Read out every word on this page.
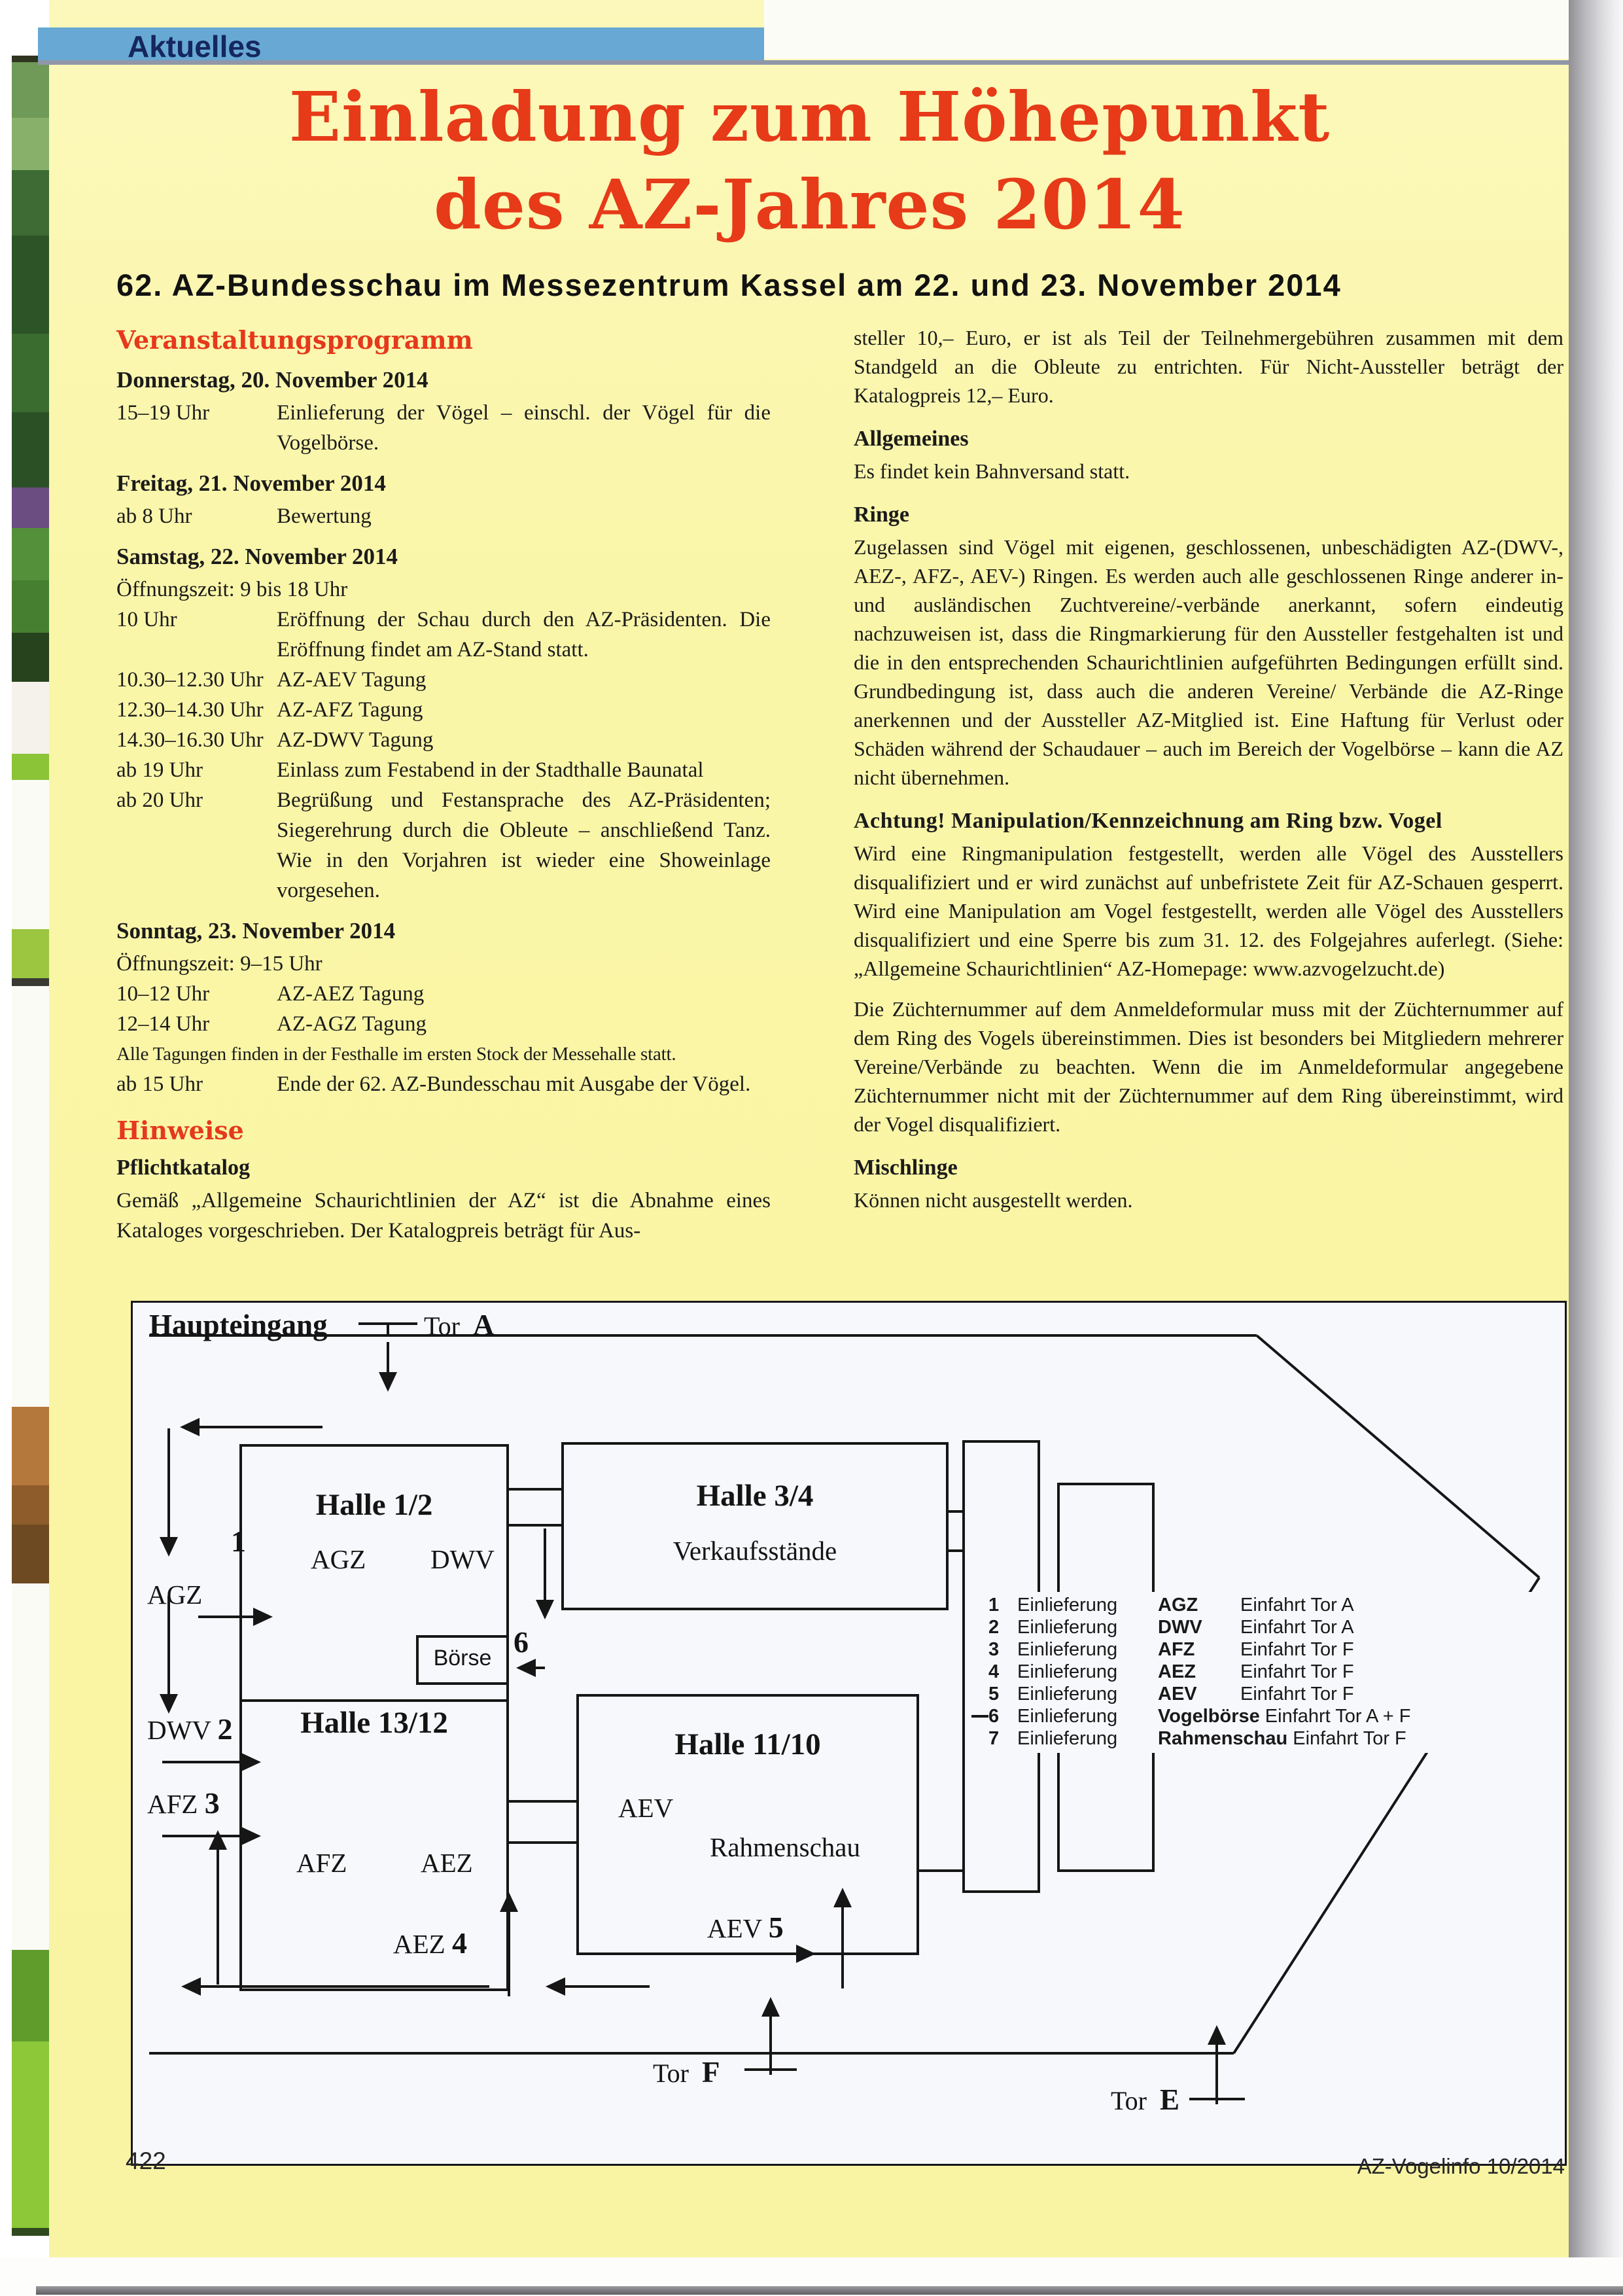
Aktuelles
Einladung zum Höhepunkt
des AZ-Jahres 2014
62. AZ-Bundesschau im Messezentrum Kassel am 22. und 23. November 2014
Veranstaltungsprogramm
Donnerstag, 20. November 2014
15–19 Uhr	Einlieferung der Vögel – einschl. der Vögel für die Vogelbörse.
Freitag, 21. November 2014
ab 8 Uhr	Bewertung
Samstag, 22. November 2014
Öffnungszeit: 9 bis 18 Uhr
10 Uhr	Eröffnung der Schau durch den AZ-Präsidenten. Die Eröffnung findet am AZ-Stand statt.
10.30–12.30 Uhr AZ-AEV Tagung
12.30–14.30 Uhr AZ-AFZ Tagung
14.30–16.30 Uhr AZ-DWV Tagung
ab 19 Uhr	Einlass zum Festabend in der Stadthalle Baunatal
ab 20 Uhr	Begrüßung und Festansprache des AZ-Präsidenten; Siegerehrung durch die Obleute – anschließend Tanz. Wie in den Vorjahren ist wieder eine Showeinlage vorgesehen.
Sonntag, 23. November 2014
Öffnungszeit: 9–15 Uhr
10–12 Uhr	AZ-AEZ Tagung
12–14 Uhr	AZ-AGZ Tagung
Alle Tagungen finden in der Festhalle im ersten Stock der Messehalle statt.
ab 15 Uhr	Ende der 62. AZ-Bundesschau mit Ausgabe der Vögel.
Hinweise
Pflichtkatalog
Gemäß „Allgemeine Schaurichtlinien der AZ“ ist die Abnahme eines Kataloges vorgeschrieben. Der Katalogpreis beträgt für Aus-
steller 10,– Euro, er ist als Teil der Teilnehmergebühren zusammen mit dem Standgeld an die Obleute zu entrichten. Für Nicht-Aussteller beträgt der Katalogpreis 12,– Euro.
Allgemeines
Es findet kein Bahnversand statt.
Ringe
Zugelassen sind Vögel mit eigenen, geschlossenen, unbeschädigten AZ-(DWV-, AEZ-, AFZ-, AEV-) Ringen. Es werden auch alle geschlossenen Ringe anderer in- und ausländischen Zuchtvereine/-verbände anerkannt, sofern eindeutig nachzuweisen ist, dass die Ringmarkierung für den Aussteller festgehalten ist und die in den entsprechenden Schaurichtlinien aufgeführten Bedingungen erfüllt sind. Grundbedingung ist, dass auch die anderen Vereine/ Verbände die AZ-Ringe anerkennen und der Aussteller AZ-Mitglied ist. Eine Haftung für Verlust oder Schäden während der Schaudauer – auch im Bereich der Vogelbörse – kann die AZ nicht übernehmen.
Achtung! Manipulation/Kennzeichnung am Ring bzw. Vogel
Wird eine Ringmanipulation festgestellt, werden alle Vögel des Ausstellers disqualifiziert und er wird zunächst auf unbefristete Zeit für AZ-Schauen gesperrt. Wird eine Manipulation am Vogel festgestellt, werden alle Vögel des Ausstellers disqualifiziert und eine Sperre bis zum 31. 12. des Folgejahres auferlegt. (Siehe: „Allgemeine Schaurichtlinien“ AZ-Homepage: www.azvogelzucht.de)
Die Züchternummer auf dem Anmeldeformular muss mit der Züchternummer auf dem Ring des Vogels übereinstimmen. Dies ist besonders bei Mitgliedern mehrerer Vereine/Verbände zu beachten. Wenn die im Anmeldeformular angegebene Züchternummer nicht mit der Züchternummer auf dem Ring übereinstimmt, wird der Vogel disqualifiziert.
Mischlinge
Können nicht ausgestellt werden.
Haupteingang	Tor A
1
AGZ
DWV 2
AFZ 3
Halle 1/2
AGZ DWV
Halle 3/4
Verkaufsstände
6
Börse
Halle 13/12
AFZ	AEZ
Halle 11/10
AEV
Rahmenschau
AEZ 4	AEV 5
Tor F
Tor E
1 Einlieferung	AGZ	Einfahrt Tor A
2 Einlieferung	DWV	Einfahrt Tor A
3 Einlieferung	AFZ	Einfahrt Tor F
4 Einlieferung	AEZ	Einfahrt Tor F
5 Einlieferung	AEV	Einfahrt Tor F
6 Einlieferung	Vogelbörse Einfahrt Tor A + F
7 Einlieferung	Rahmenschau Einfahrt Tor F
422	AZ-Vogelinfo 10/2014
